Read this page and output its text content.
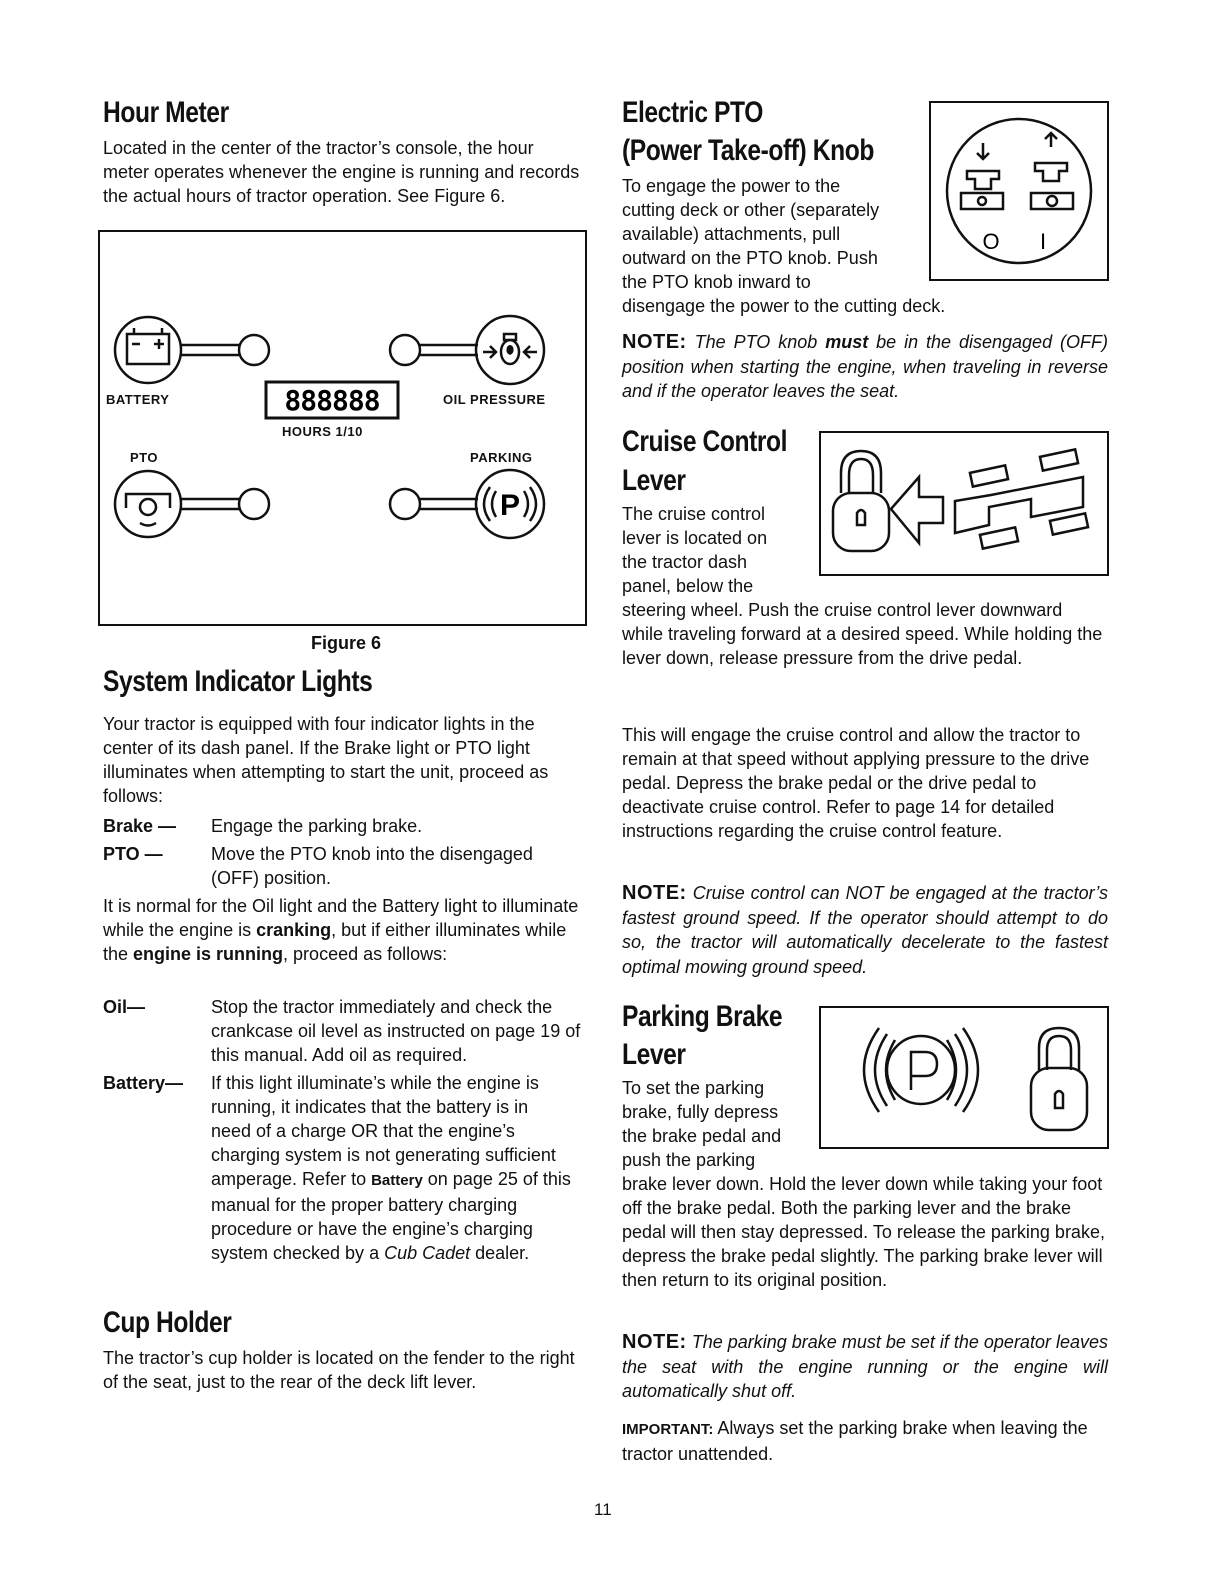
Hour Meter

Located in the center of the tractor’s console, the hour meter operates whenever the engine is running and records the actual hours of tractor operation. See Figure 6.

888888
P
BATTERY	OIL PRESSURE
HOURS 1/10
PTO	PARKING
Figure 6
System Indicator Lights

Your tractor is equipped with four indicator lights in the center of its dash panel. If the Brake light or PTO light illuminates when attempting to start the unit, proceed as follows:

Brake — Engage the parking brake.
PTO —	Move the PTO knob into the disengaged (OFF) position.

It is normal for the Oil light and the Battery light to illuminate while the engine is cranking, but if either illuminates while the engine is running, proceed as follows:

Oil—	Stop the tractor immediately and check the crankcase oil level as instructed on page 19 of this manual. Add oil as required.
Battery— If this light illuminate’s while the engine is running, it indicates that the battery is in need of a charge OR that the engine’s charging system is not generating sufficient amperage. Refer to Battery on page 25 of this manual for the proper battery charging procedure or have the engine’s charging system checked by a Cub Cadet dealer.
Cup Holder

The tractor’s cup holder is located on the fender to the right of the seat, just to the rear of the deck lift lever.

Electric PTO
(Power Take-off) Knob
O I
To engage the power to the
cutting deck or other (separately
available) attachments, pull
outward on the PTO knob. Push
the PTO knob inward to
disengage the power to the cutting deck.

NOTE: The PTO knob must be in the disengaged (OFF) position when starting the engine, when traveling in reverse and if the operator leaves the seat.

Cruise Control
Lever
The cruise control
lever is located on
the tractor dash
panel, below the

steering wheel. Push the cruise control lever downward while traveling forward at a desired speed. While holding the lever down, release pressure from the drive pedal.

This will engage the cruise control and allow the tractor to remain at that speed without applying pressure to the drive pedal. Depress the brake pedal or the drive pedal to deactivate cruise control. Refer to page 14 for detailed instructions regarding the cruise control feature.

NOTE: Cruise control can NOT be engaged at the tractor’s fastest ground speed. If the operator should attempt to do so, the tractor will automatically decelerate to the fastest optimal mowing ground speed.

Parking Brake
Lever
To set the parking
brake, fully depress
the brake pedal and
push the parking

brake lever down. Hold the lever down while taking your foot off the brake pedal. Both the parking lever and the brake pedal will then stay depressed. To release the parking brake, depress the brake pedal slightly. The parking brake lever will then return to its original position.

NOTE: The parking brake must be set if the operator leaves the seat with the engine running or the engine will automatically shut off.

IMPORTANT: Always set the parking brake when leaving the tractor unattended.

11
